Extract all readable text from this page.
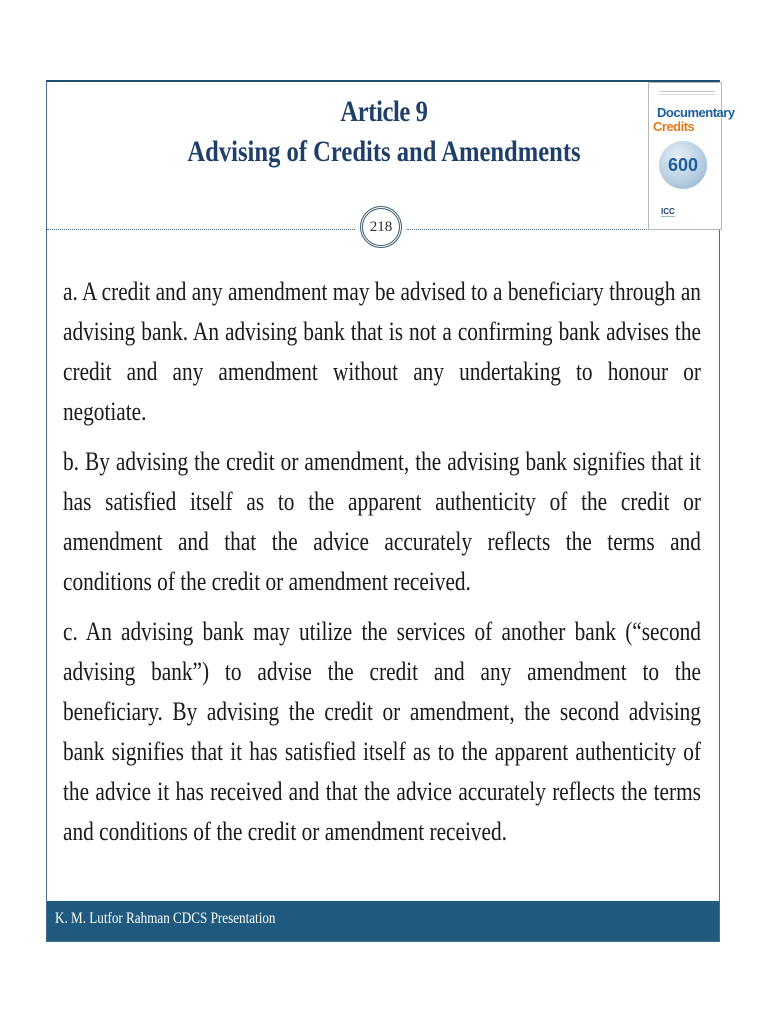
Article 9
Advising of Credits and Amendments
218

a. A credit and any amendment may be advised to a beneficiary through an advising bank. An advising bank that is not a confirming bank advises the credit and any amendment without any undertaking to honour or negotiate.

b. By advising the credit or amendment, the advising bank signifies that it has satisfied itself as to the apparent authenticity of the credit or amendment and that the advice accurately reflects the terms and conditions of the credit or amendment received.

c. An advising bank may utilize the services of another bank (“second advising bank”) to advise the credit and any amendment to the beneficiary. By advising the credit or amendment, the second advising bank signifies that it has satisfied itself as to the apparent authenticity of the advice it has received and that the advice accurately reflects the terms and conditions of the credit or amendment received.

K. M. Lutfor Rahman CDCS Presentation
Documentary
Credits
600
ICC
